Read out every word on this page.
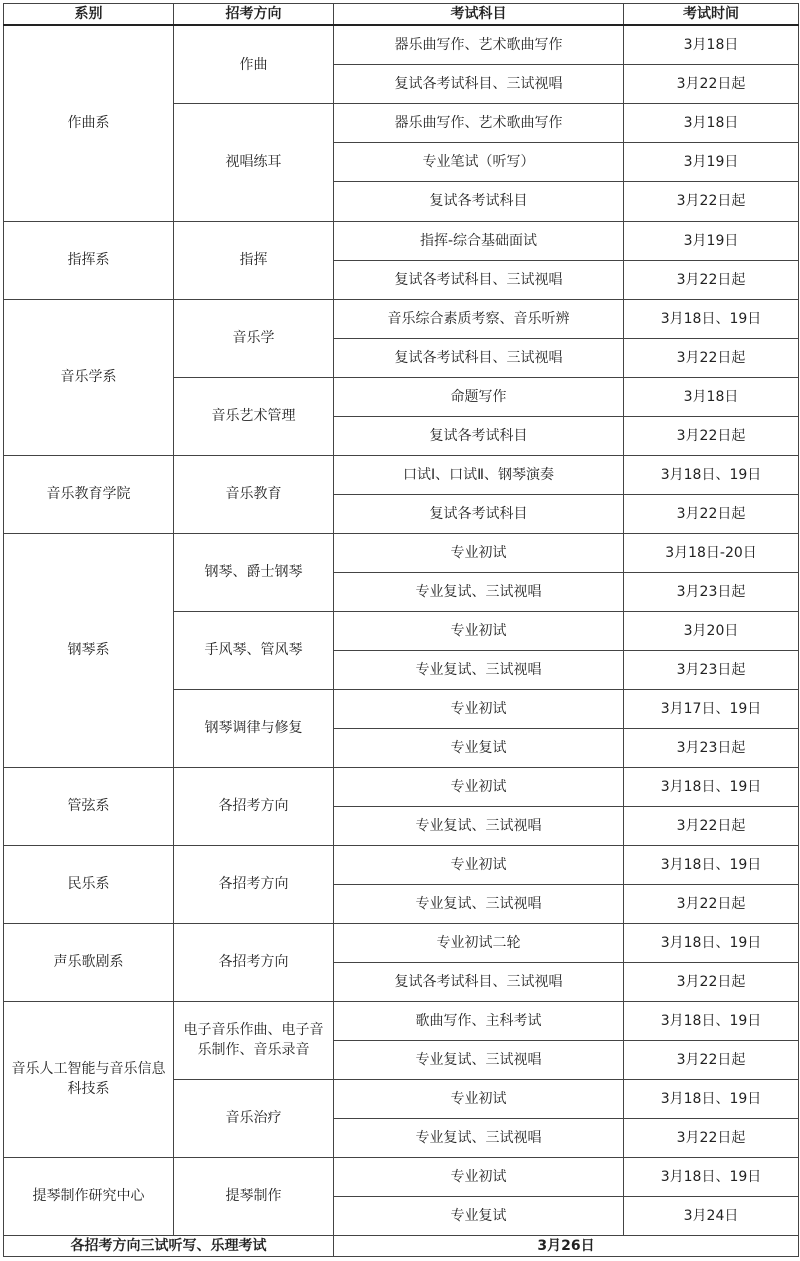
系别	招考方向	考试科目	考试时间
作曲系	作曲	器乐曲写作、艺术歌曲写作	3月18日
		复试各考试科目、三试视唱	3月22日起
	视唱练耳	器乐曲写作、艺术歌曲写作	3月18日
		专业笔试（听写）	3月19日
		复试各考试科目	3月22日起
指挥系	指挥	指挥-综合基础面试	3月19日
		复试各考试科目、三试视唱	3月22日起
音乐学系	音乐学	音乐综合素质考察、音乐听辨	3月18日、19日
		复试各考试科目、三试视唱	3月22日起
	音乐艺术管理	命题写作	3月18日
		复试各考试科目	3月22日起
音乐教育学院	音乐教育	口试Ⅰ、口试Ⅱ、钢琴演奏	3月18日、19日
		复试各考试科目	3月22日起
钢琴系	钢琴、爵士钢琴	专业初试	3月18日-20日
		专业复试、三试视唱	3月23日起
	手风琴、管风琴	专业初试	3月20日
		专业复试、三试视唱	3月23日起
	钢琴调律与修复	专业初试	3月17日、19日
		专业复试	3月23日起
管弦系	各招考方向	专业初试	3月18日、19日
		专业复试、三试视唱	3月22日起
民乐系	各招考方向	专业初试	3月18日、19日
		专业复试、三试视唱	3月22日起
声乐歌剧系	各招考方向	专业初试二轮	3月18日、19日
		复试各考试科目、三试视唱	3月22日起
音乐人工智能与音乐信息科技系	电子音乐作曲、电子音乐制作、音乐录音	歌曲写作、主科考试	3月18日、19日
		专业复试、三试视唱	3月22日起
	音乐治疗	专业初试	3月18日、19日
		专业复试、三试视唱	3月22日起
提琴制作研究中心	提琴制作	专业初试	3月18日、19日
		专业复试	3月24日
各招考方向三试听写、乐理考试		3月26日	
